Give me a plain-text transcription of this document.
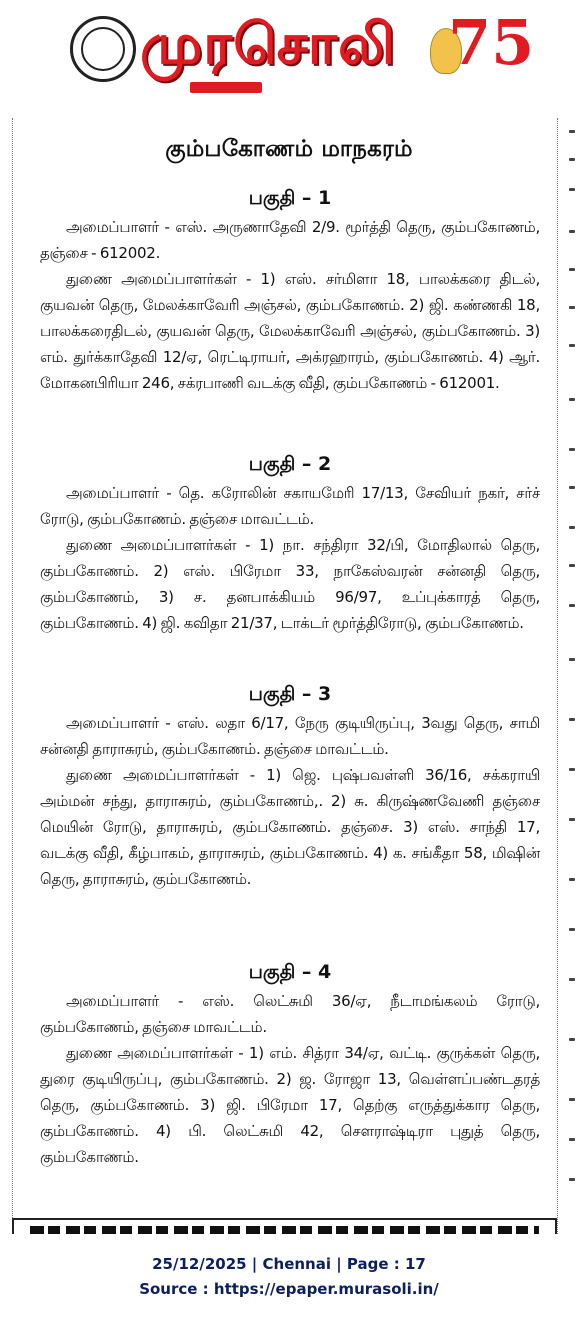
முரசொலி
75
கும்பகோணம் மாநகரம்

பகுதி – 1

அமைப்பாளர் - எஸ். அருணாதேவி 2/9. மூர்த்தி தெரு, கும்பகோணம், தஞ்சை - 612002.

துணை அமைப்பாளர்கள் - 1) எஸ். சர்மிளா 18, பாலக்கரை திடல், குயவன் தெரு, மேலக்காவேரி அஞ்சல், கும்பகோணம். 2) ஜி. கண்ணகி 18, பாலக்கரைதிடல், குயவன் தெரு, மேலக்காவேரி அஞ்சல், கும்பகோணம். 3) எம். துர்க்காதேவி 12/ஏ, ரெட்டிராயர், அக்ரஹாரம், கும்பகோணம். 4) ஆர். மோகனபிரியா 246, சக்ரபாணி வடக்கு வீதி, கும்பகோணம் - 612001.

பகுதி – 2

அமைப்பாளர் - தெ. கரோலின் சகாயமேரி 17/13, சேவியர் நகர், சர்ச் ரோடு, கும்பகோணம். தஞ்சை மாவட்டம்.

துணை அமைப்பாளர்கள் - 1) நா. சந்திரா 32/பி, மோதிலால் தெரு, கும்பகோணம். 2) எஸ். பிரேமா 33, நாகேஸ்வரன் சன்னதி தெரு, கும்பகோணம், 3) ச. தனபாக்கியம் 96/97, உப்புக்காரத் தெரு, கும்பகோணம். 4) ஜி. கவிதா 21/37, டாக்டர் மூர்த்திரோடு, கும்பகோணம்.

பகுதி – 3

அமைப்பாளர் - எஸ். லதா 6/17, நேரு குடியிருப்பு, 3வது தெரு, சாமி சன்னதி தாராசுரம், கும்பகோணம். தஞ்சை மாவட்டம்.

துணை அமைப்பாளர்கள் - 1) ஜெ. புஷ்பவள்ளி 36/16, சக்கராயி அம்மன் சந்து, தாராசுரம், கும்பகோணம்,. 2) சு. கிருஷ்ணவேணி தஞ்சை மெயின் ரோடு, தாராசுரம், கும்பகோணம். தஞ்சை. 3) எஸ். சாந்தி 17, வடக்கு வீதி, கீழ்பாகம், தாராசுரம், கும்பகோணம். 4) க. சங்கீதா 58, மிஷின் தெரு, தாராசுரம், கும்பகோணம்.

பகுதி – 4

அமைப்பாளர் - எஸ். லெட்சுமி 36/ஏ, நீடாமங்கலம் ரோடு, கும்பகோணம், தஞ்சை மாவட்டம்.

துணை அமைப்பாளர்கள் - 1) எம். சித்ரா 34/ஏ, வட்டி. குருக்கள் தெரு, துரை குடியிருப்பு, கும்பகோணம். 2) ஜ. ரோஜா 13, வெள்ளப்பண்டதரத் தெரு, கும்பகோணம். 3) ஜி. பிரேமா 17, தெற்கு எருத்துக்கார தெரு, கும்பகோணம். 4) பி. லெட்சுமி 42, சௌராஷ்டிரா புதுத் தெரு, கும்பகோணம்.

25/12/2025 | Chennai | Page : 17
Source : https://epaper.murasoli.in/
